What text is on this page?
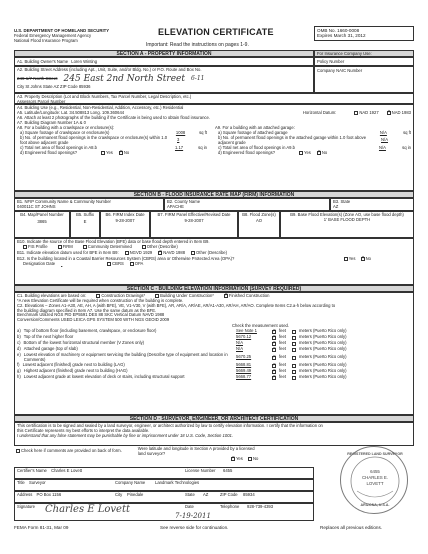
U.S. DEPARTMENT OF HOMELAND SECURITY
Federal Emergency Management Agency
National Flood Insurance Program
ELEVATION CERTIFICATE
Important: Read the instructions on pages 1-9.
OMB No. 1660-0008
Expires March 31, 2012
SECTION A - PROPERTY INFORMATION	For Insurance Company Use:
A1. Building Owner's Name Loren Winting	Policy Number
A2. Building Street Address (including Apt., Unit, Suite, and/or Bldg. No.) or P.O. Route and Box No.
249 1/7 North Street 245 East 2nd North Street 6-11
City St Johns State AZ ZIP Code 85936
Company NAIC Number
A3. Property Description (Lot and Block Numbers, Tax Parcel Number, Legal Description, etc.)
Assessors Parcel Number
A4. Building Use (e.g., Residential, Non-Residential, Addition, Accessory, etc.) Residential
A5. Latitude/Longitude: Lat. 34.508813 Long. 109.360644	Horizontal Datum:	NAD 1927 ×	NAD 1983
A6. Attach at least 2 photographs of the building if the Certificate is being used to obtain flood insurance.
A7. Building Diagram Number 1A & 0
A8. For a building with a crawlspace or enclosure(s):
a) Square footage of crawlspace or enclosure(s)	1008	sq ft
b) No. of permanent flood openings in the crawlspace or enclosure(s) within 1.0 foot above adjacent grade	3
c) Total net area of flood openings in A8.b	1.17	sq in
d) Engineered flood openings?	Yes ×	No
A9. For a building with an attached garage:
a) Square footage of attached garage	N/A	sq ft
b) No. of permanent flood openings in the attached garage within 1.0 foot above adjacent grade	N/A
c) Total net area of flood openings in A9.b	N/A	sq in
d) Engineered flood openings?	Yes ×	No
SECTION B - FLOOD INSURANCE RATE MAP (FIRM) INFORMATION
B1. NFIP Community Name & Community Number
040011C ST JOHNS
B2. County Name
APACHE
B3. State
AZ
B4. Map/Panel Number
3865
B5. Suffix
E
B6. FIRM Index Date
9-28-2007
B7. FIRM Panel Effective/Revised Date
9-28-2007
B8. Flood Zone(s)
AO
B9. Base Flood Elevation(s) (Zone AO, use base flood depth)
1' BASE FLOOD DEPTH
B10. Indicate the source of the Base Flood Elevation (BFE) data or base flood depth entered in Item B9.
FIS Profile	FIRM	Community Determined	Other (Describe)
B11. Indicate elevation datum used for BFE in Item B9:	NGVD 1929 ×	NAVD 1988	Other (Describe)
B12. Is the building located in a Coastal Barrier Resources System (CBRS) area or Otherwise Protected Area (OPA)?	Yes × No
Designation Date
	CBRS	OPA
SECTION C - BUILDING ELEVATION INFORMATION (SURVEY REQUIRED)
C1. Building elevations are based on:	Construction Drawings*	Building Under Construction* ×	Finished Construction
*A new Elevation Certificate will be required when construction of the building is complete.
C2. Elevations – Zones A1-A30, AE, AH, A (with BFE), VE, V1-V30, V (with BFE), AR, AR/A, AR/AE, AR/A1-A30, AR/AH, AR/AO. Complete Items C2.a-h below according to the building diagram specified in Item A7. Use the same datum as the BFE.
Benchmark Utilized NGS PID EP5591 DES 88 SKC Vertical Datum NAVD 1988
Conversion/Comments USED LEICA GPS SYSTEM 500 WITH NGS GEOID 2009
Check the measurement used.
a) Top of bottom floor (including basement, crawlspace, or enclosure floor)	See Note 1 ×	feet	meters (Puerto Rico only)
b) Top of the next higher floor	5670.12 ×	feet	meters (Puerto Rico only)
c) Bottom of the lowest horizontal structural member (V Zones only)	N/A ×	feet	meters (Puerto Rico only)
d) Attached garage (top of slab)	N/A ×	feet	meters (Puerto Rico only)
e) Lowest elevation of machinery or equipment servicing the building (Describe type of equipment and location in Comments)	5670.25 ×	feet	meters (Puerto Rico only)
f) Lowest adjacent (finished) grade next to building (LAG)	5668.81 ×	feet	meters (Puerto Rico only)
g) Highest adjacent (finished) grade next to building (HAG)	5669.49 ×	feet	meters (Puerto Rico only)
h) Lowest adjacent grade at lowest elevation of deck or stairs, including structural support	5668.77 ×	feet	meters (Puerto Rico only)
SECTION D - SURVEYOR, ENGINEER, OR ARCHITECT CERTIFICATION
This certification is to be signed and sealed by a land surveyor, engineer, or architect authorized by law to certify elevation information. I certify that the information on this Certificate represents my best efforts to interpret the data available.
I understand that any false statement may be punishable by fine or imprisonment under 18 U.S. Code, Section 1001.
Check here if comments are provided on back of form.	Were latitude and longitude in Section A provided by a licensed land surveyor?
×Yes No
Certifier's Name Charles E Lovett	License Number 6455
Title Surveyor	Company Name Landmark Technologies
Address PO Box 1156	City Pinedale	State AZ	ZIP Code 85934
Signature Charles E Lovett	Date
7-19-2011
Telephone 928-739-4393
REGISTERED LAND SURVEYOR
6455
CHARLES E.
LOVETT
ARIZONA, U.S.A.
FEMA Form 81-31, Mar 09	See reverse side for continuation.	Replaces all previous editions.
